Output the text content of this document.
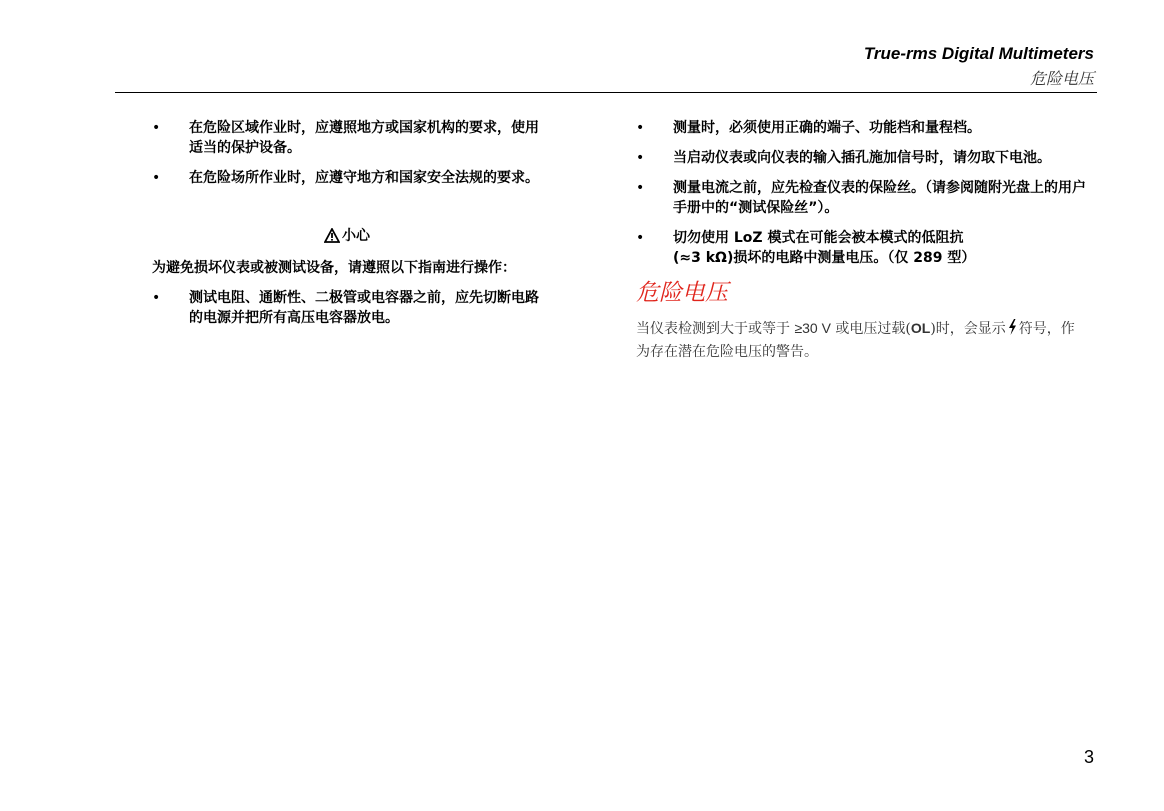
True-rms Digital Multimeters
危险电压
• 在危险区域作业时，应遵照地方或国家机构的要求，使用适当的保护设备。
• 在危险场所作业时，应遵守地方和国家安全法规的要求。
小心

为避免损坏仪表或被测试设备，请遵照以下指南进行操作：

• 测试电阻、通断性、二极管或电容器之前，应先切断电路的电源并把所有高压电容器放电。
• 测量时，必须使用正确的端子、功能档和量程档。
• 当启动仪表或向仪表的输入插孔施加信号时，请勿取下电池。
• 测量电流之前，应先检查仪表的保险丝。（请参阅随附光盘上的用户手册中的“测试保险丝”）。
• 切勿使用 LoZ 模式在可能会被本模式的低阻抗
(≈3 kΩ)损坏的电路中测量电压。（仅 289 型）
危险电压

当仪表检测到大于或等于 ≥30 V 或电压过载(OL)时，会显示 符号，作为存在潜在危险电压的警告。

3
